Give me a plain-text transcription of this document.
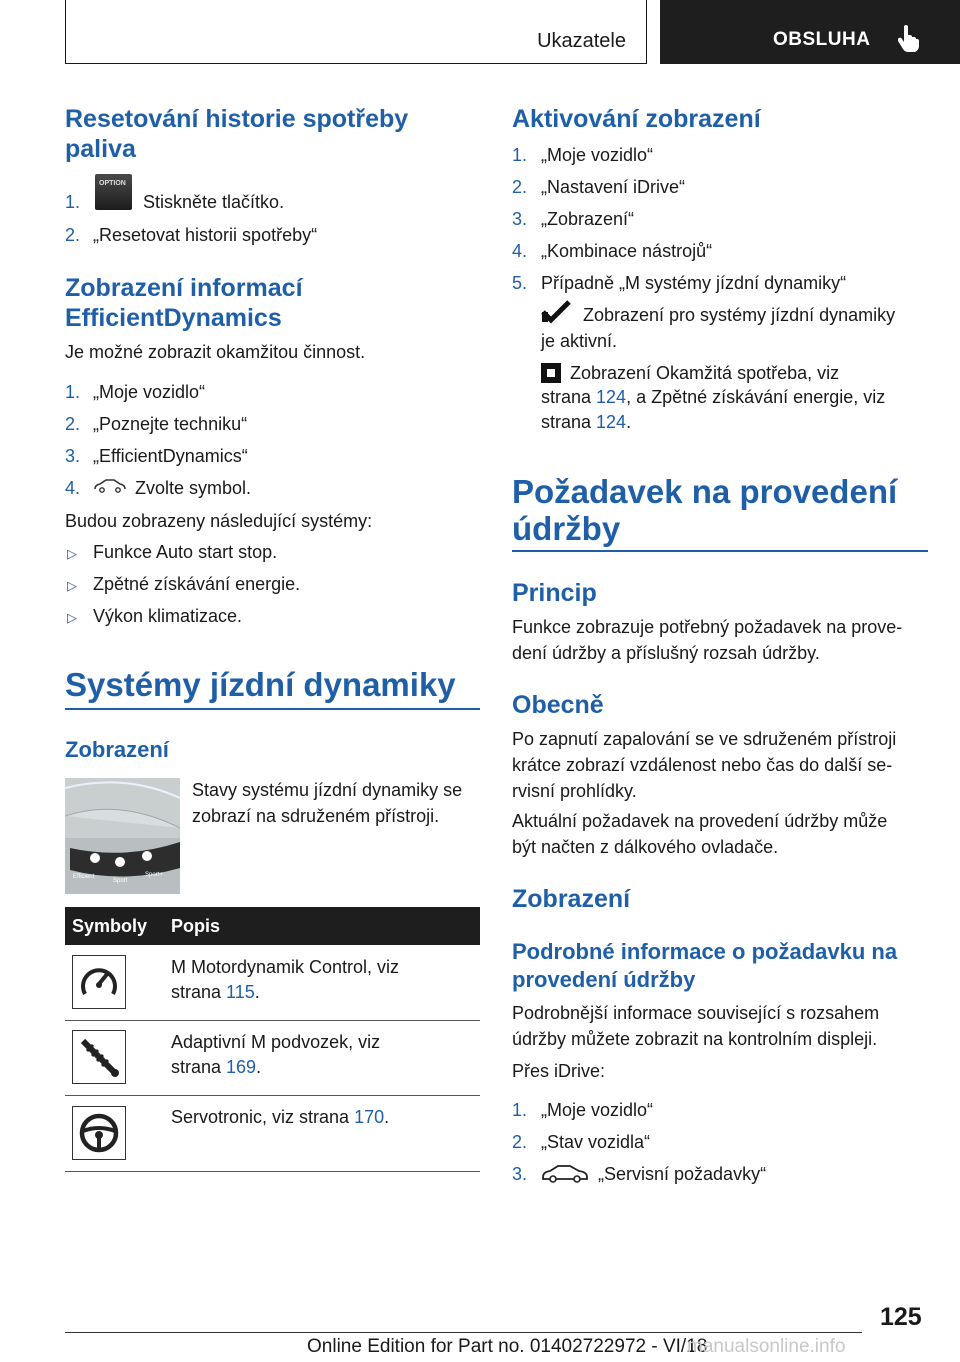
Ukazatele	OBSLUHA
Resetování historie spotřeby paliva
1.
OPTION
Stiskněte tlačítko.
2. „Resetovat historii spotřeby“
Zobrazení informací
EfficientDynamics
Je možné zobrazit okamžitou činnost.
1. „Moje vozidlo“
2. „Poznejte techniku“
3. „EfficientDynamics“
4.	Zvolte symbol.
Budou zobrazeny následující systémy:
▷ Funkce Auto start stop.
▷ Zpětné získávání energie.
▷ Výkon klimatizace.
Systémy jízdní dynamiky
Zobrazení
Efficient
Sport
Sport+
Stavy systému jízdní dynamiky se
zobrazí na sdruženém přístroji.
Symboly Popis
M Motordynamik Control, viz
strana 115.
Adaptivní M podvozek, viz
strana 169.
Servotronic, viz strana 170.
Aktivování zobrazení
1. „Moje vozidlo“
2. „Nastavení iDrive“
3. „Zobrazení“
4. „Kombinace nástrojů“
5. Případně „M systémy jízdní dynamiky“
Zobrazení pro systémy jízdní dynamiky
je aktivní.
Zobrazení Okamžitá spotřeba, viz
strana 124, a Zpětné získávání energie, viz
strana 124.
Požadavek na provedení
údržby
Princip
Funkce zobrazuje potřebný požadavek na prove‐
dení údržby a příslušný rozsah údržby.
Obecně
Po zapnutí zapalování se ve sdruženém přístroji
krátce zobrazí vzdálenost nebo čas do další se‐
rvisní prohlídky.
Aktuální požadavek na provedení údržby může
být načten z dálkového ovladače.
Zobrazení
Podrobné informace o požadavku na
provedení údržby
Podrobnější informace související s rozsahem
údržby můžete zobrazit na kontrolním displeji.
Přes iDrive:
1. „Moje vozidlo“
2. „Stav vozidla“
3.	„Servisní požadavky“
125
Online Edition for Part no. 01402722972 - VI/18
manualsonline.info
